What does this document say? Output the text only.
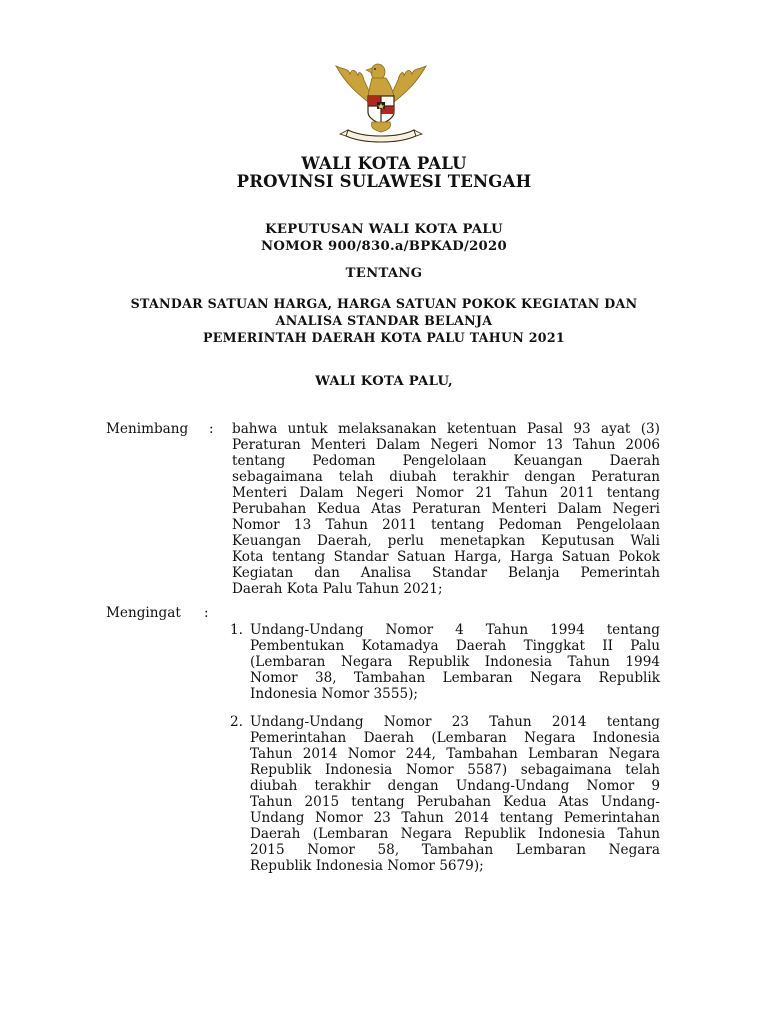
WALI KOTA PALU
PROVINSI SULAWESI TENGAH
KEPUTUSAN WALI KOTA PALU
NOMOR 900/830.a/BPKAD/2020
TENTANG
STANDAR SATUAN HARGA, HARGA SATUAN POKOK KEGIATAN DAN
ANALISA STANDAR BELANJA
PEMERINTAH DAERAH KOTA PALU TAHUN 2021
WALI KOTA PALU,
Menimbang : bahwa untuk melaksanakan ketentuan Pasal 93 ayat (3)
Peraturan Menteri Dalam Negeri Nomor 13 Tahun 2006
tentang Pedoman Pengelolaan Keuangan Daerah
sebagaimana telah diubah terakhir dengan Peraturan
Menteri Dalam Negeri Nomor 21 Tahun 2011 tentang
Perubahan Kedua Atas Peraturan Menteri Dalam Negeri
Nomor 13 Tahun 2011 tentang Pedoman Pengelolaan
Keuangan Daerah, perlu menetapkan Keputusan Wali
Kota tentang Standar Satuan Harga, Harga Satuan Pokok
Kegiatan dan Analisa Standar Belanja Pemerintah
Daerah Kota Palu Tahun 2021;
Mengingat :
1. Undang-Undang Nomor 4 Tahun 1994 tentang
Pembentukan Kotamadya Daerah Tinggkat II Palu
(Lembaran Negara Republik Indonesia Tahun 1994
Nomor 38, Tambahan Lembaran Negara Republik
Indonesia Nomor 3555);
2. Undang-Undang Nomor 23 Tahun 2014 tentang
Pemerintahan Daerah (Lembaran Negara Indonesia
Tahun 2014 Nomor 244, Tambahan Lembaran Negara
Republik Indonesia Nomor 5587) sebagaimana telah
diubah terakhir dengan Undang-Undang Nomor 9
Tahun 2015 tentang Perubahan Kedua Atas Undang-
Undang Nomor 23 Tahun 2014 tentang Pemerintahan
Daerah (Lembaran Negara Republik Indonesia Tahun
2015 Nomor 58, Tambahan Lembaran Negara
Republik Indonesia Nomor 5679);
